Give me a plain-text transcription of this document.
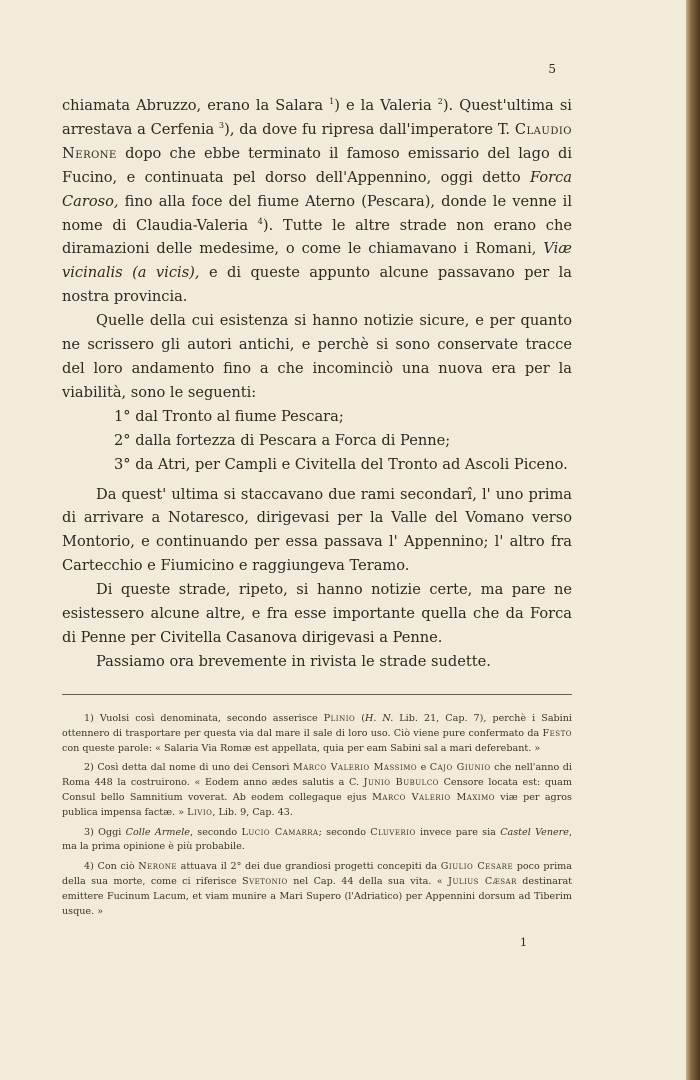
5

chiamata Abruzzo, erano la Salara $^1$) e la Valeria $^2$). Quest'ultima si arrestava a Cerfenia $^3$), da dove fu ripresa dall'imperatore T. Claudio Nerone dopo che ebbe terminato il famoso emissario del lago di Fucino, e continuata pel dorso dell'Appennino, oggi detto Forca Caroso, fino alla foce del fiume Aterno (Pescara), donde le venne il nome di Claudia-Valeria $^4$). Tutte le altre strade non erano che diramazioni delle medesime, o come le chiamavano i Romani, Viæ vicinalis (a vicis), e di queste appunto alcune passavano per la nostra provincia.

Quelle della cui esistenza si hanno notizie sicure, e per quanto ne scrissero gli autori antichi, e perchè si sono conservate tracce del loro andamento fino a che incominciò una nuova era per la viabilità, sono le seguenti:

1° dal Tronto al fiume Pescara;

2° dalla fortezza di Pescara a Forca di Penne;

3° da Atri, per Campli e Civitella del Tronto ad Ascoli Piceno.

Da quest' ultima si staccavano due rami secondarî, l' uno prima di arrivare a Notaresco, dirigevasi per la Valle del Vomano verso Montorio, e continuando per essa passava l' Appennino; l' altro fra Cartecchio e Fiumicino e raggiungeva Teramo.

Di queste strade, ripeto, si hanno notizie certe, ma pare ne esistessero alcune altre, e fra esse importante quella che da Forca di Penne per Civitella Casanova dirigevasi a Penne.

Passiamo ora brevemente in rivista le strade sudette.

1) Vuolsi così denominata, secondo asserisce Plinio (H. N. Lib. 21, Cap. 7), perchè i Sabini ottennero di trasportare per questa via dal mare il sale di loro uso. Ciò viene pure confermato da Festo con queste parole: « Salaria Via Romæ est appellata, quia per eam Sabini sal a mari deferebant. »

2) Così detta dal nome di uno dei Censori Marco Valerio Massimo e Cajo Giunio che nell'anno di Roma 448 la costruirono. « Eodem anno ædes salutis a C. Junio Bubulco Censore locata est: quam Consul bello Samnitium voverat. Ab eodem collegaque ejus Marco Valerio Maximo viæ per agros publica impensa factæ. » Livio, Lib. 9, Cap. 43.

3) Oggi Colle Armele, secondo Lucio Camarra; secondo Cluverio invece pare sia Castel Venere, ma la prima opinione è più probabile.

4) Con ciò Nerone attuava il 2° dei due grandiosi progetti concepiti da Giulio Cesare poco prima della sua morte, come ci riferisce Svetonio nel Cap. 44 della sua vita. « Julius Cæsar destinarat emittere Fucinum Lacum, et viam munire a Mari Supero (l'Adriatico) per Appennini dorsum ad Tiberim usque. »

1
